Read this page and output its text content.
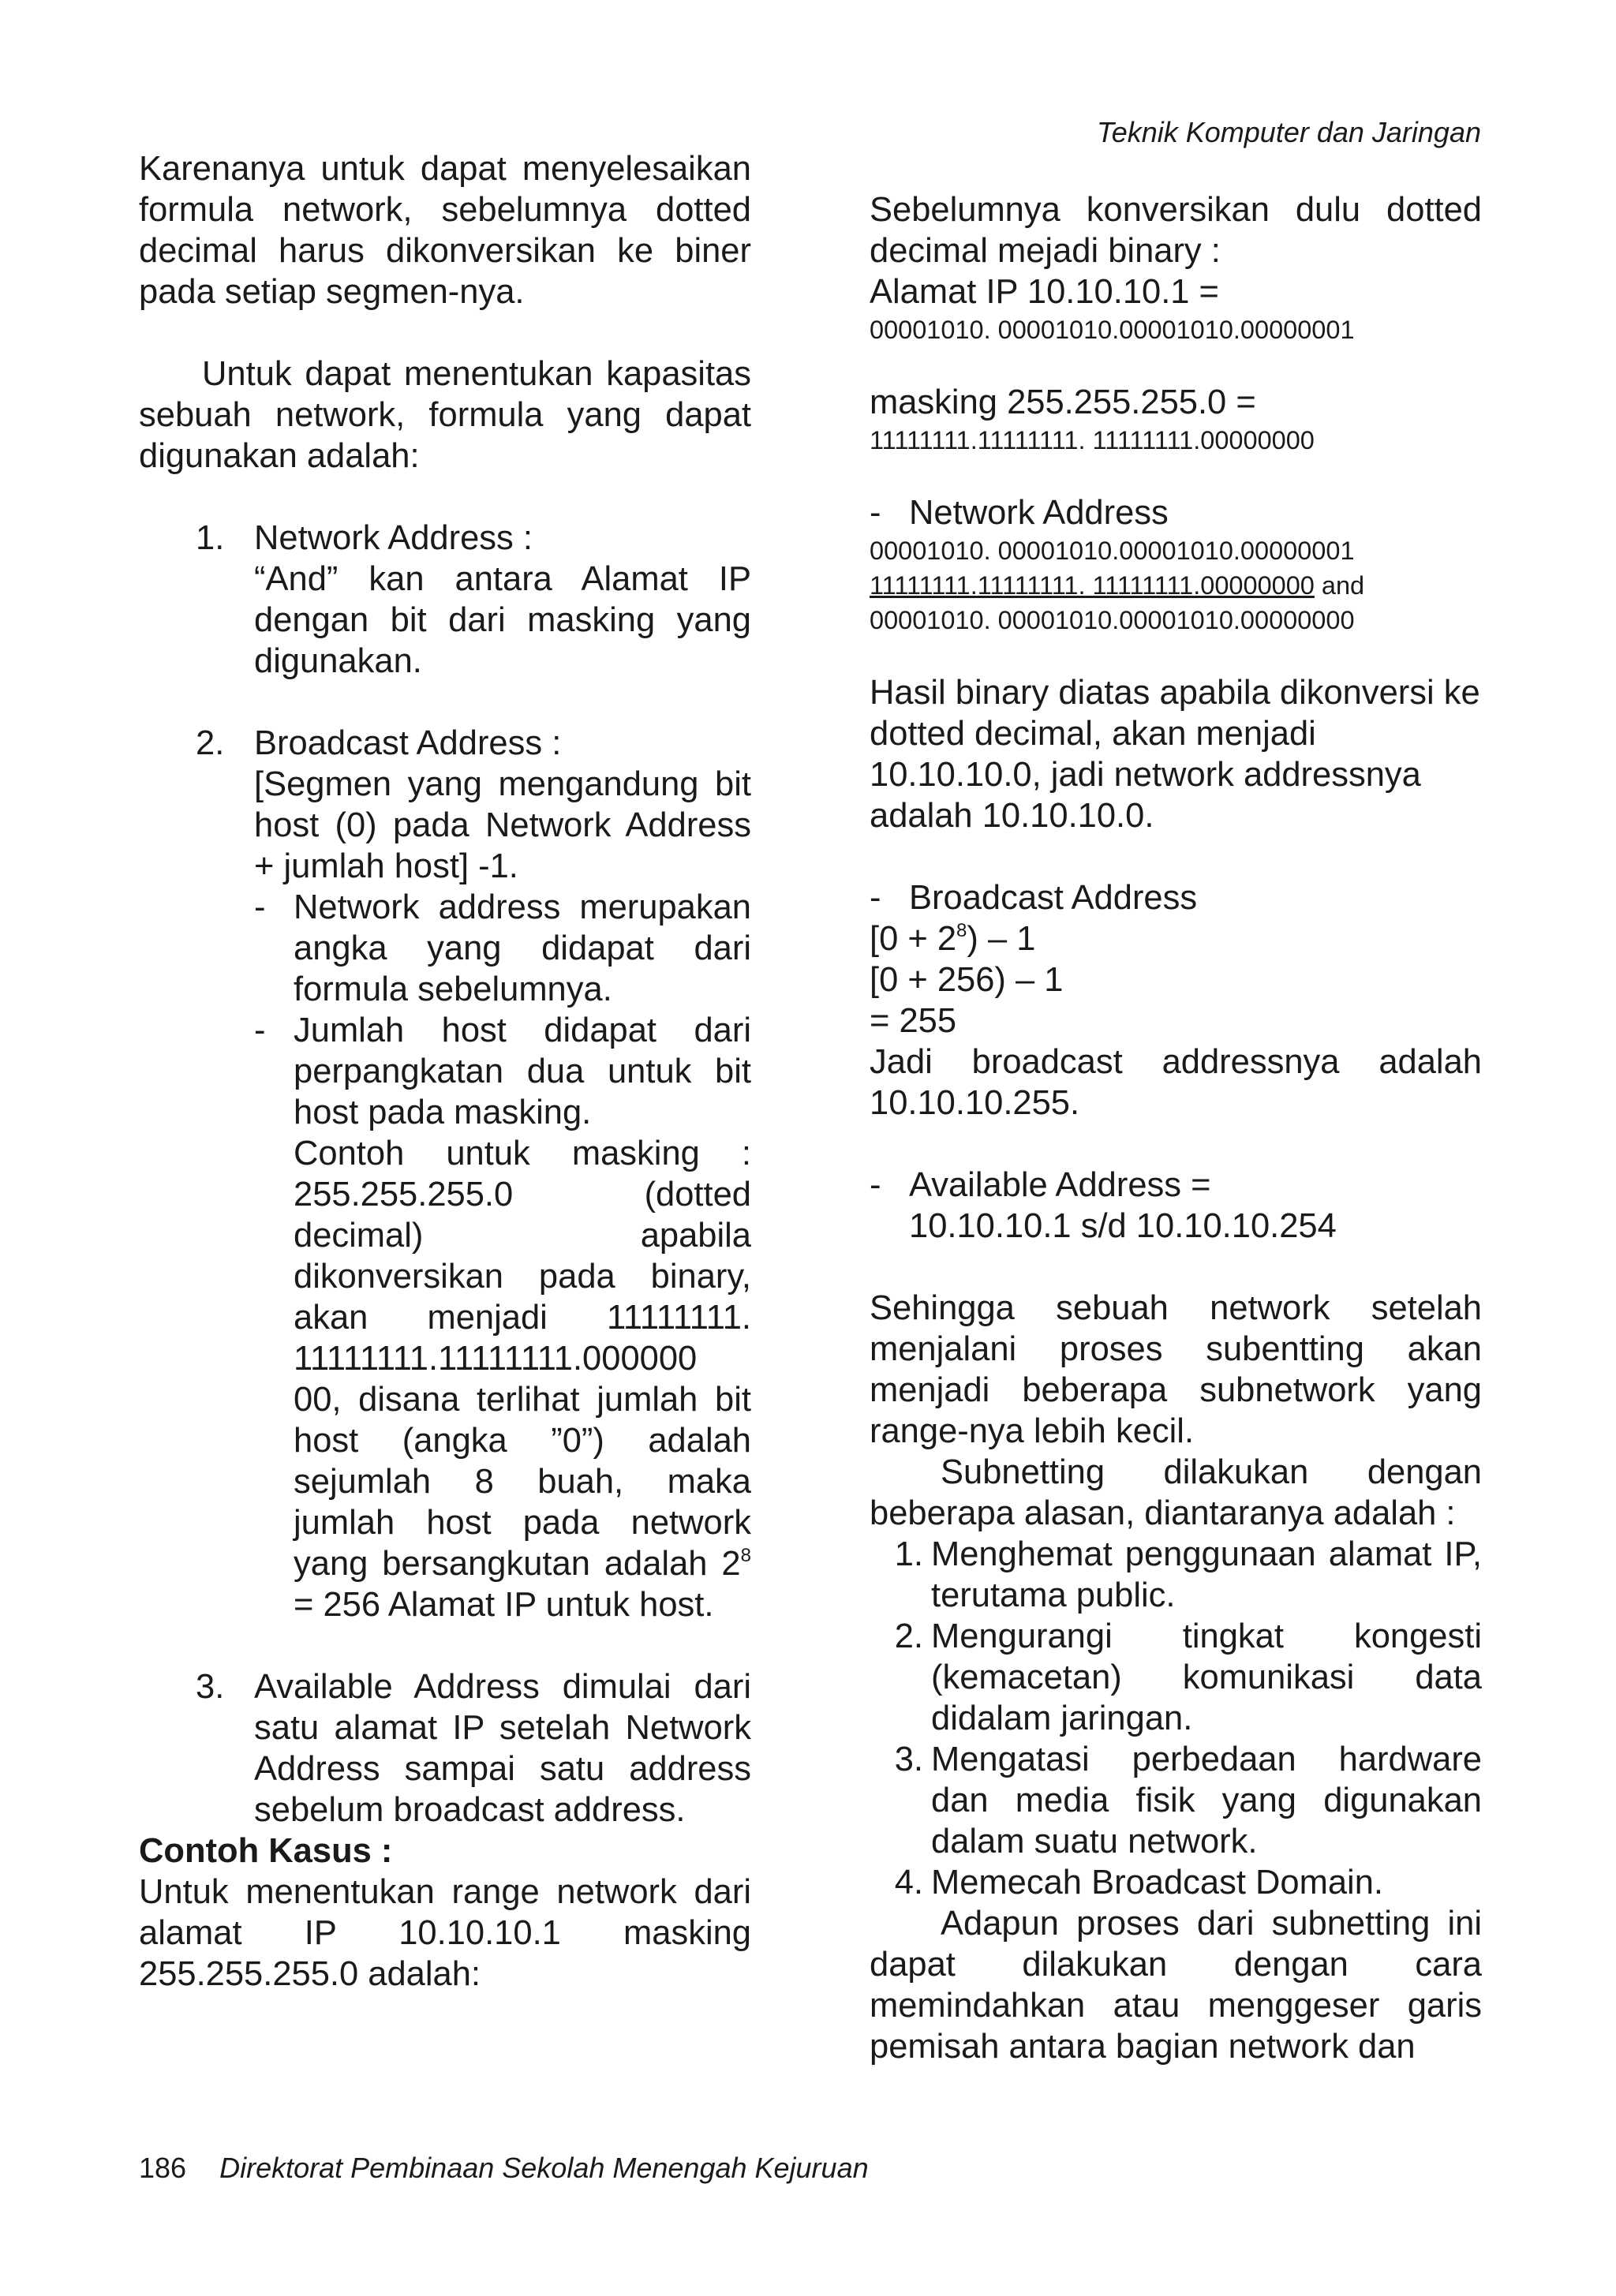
Teknik Komputer dan Jaringan

Karenanya untuk dapat menyelesaikan formula network, sebelumnya dotted decimal harus dikonversikan ke biner pada setiap segmen-nya.

Untuk dapat menentukan kapasitas sebuah network, formula yang dapat digunakan adalah:

1. Network Address :

“And” kan antara Alamat IP dengan bit dari masking yang digunakan.

2. Broadcast Address :

[Segmen yang mengandung bit host (0) pada Network Address + jumlah host] -1.

- Network address merupakan angka yang didapat dari formula sebelumnya.

- Jumlah host didapat dari perpangkatan dua untuk bit host pada masking.

Contoh untuk masking : 255.255.255.0 (dotted decimal) apabila dikonversikan pada binary, akan menjadi 11111111. 11111111.11111111.000000 00, disana terlihat jumlah bit host (angka ”0”) adalah sejumlah 8 buah, maka jumlah host pada network yang bersangkutan adalah $2^8 = 256$ Alamat IP untuk host.

3. Available Address dimulai dari satu alamat IP setelah Network Address sampai satu address sebelum broadcast address.

Contoh Kasus :

Untuk menentukan range network dari alamat IP 10.10.10.1 masking 255.255.255.0 adalah:

Sebelumnya konversikan dulu dotted decimal mejadi binary :

Alamat IP 10.10.10.1 =

00001010. 00001010.00001010.00000001

masking 255.255.255.0 =

11111111.11111111. 11111111.00000000

- Network Address

00001010. 00001010.00001010.00000001

11111111.11111111. 11111111.00000000 and

00001010. 00001010.00001010.00000000

Hasil binary diatas apabila dikonversi ke dotted decimal, akan menjadi 10.10.10.0, jadi network addressnya adalah 10.10.10.0.

- Broadcast Address

$[0 + 2^8) - 1$

[0 + 256) – 1

= 255

Jadi broadcast addressnya adalah 10.10.10.255.

- Available Address =

10.10.10.1 s/d 10.10.10.254

Sehingga sebuah network setelah menjalani proses subentting akan menjadi beberapa subnetwork yang range-nya lebih kecil.

Subnetting dilakukan dengan beberapa alasan, diantaranya adalah :

1. Menghemat penggunaan alamat IP, terutama public.

2. Mengurangi tingkat kongesti (kemacetan) komunikasi data didalam jaringan.

3. Mengatasi perbedaan hardware dan media fisik yang digunakan dalam suatu network.

4. Memecah Broadcast Domain.

Adapun proses dari subnetting ini dapat dilakukan dengan cara memindahkan atau menggeser garis pemisah antara bagian network dan

186 Direktorat Pembinaan Sekolah Menengah Kejuruan
